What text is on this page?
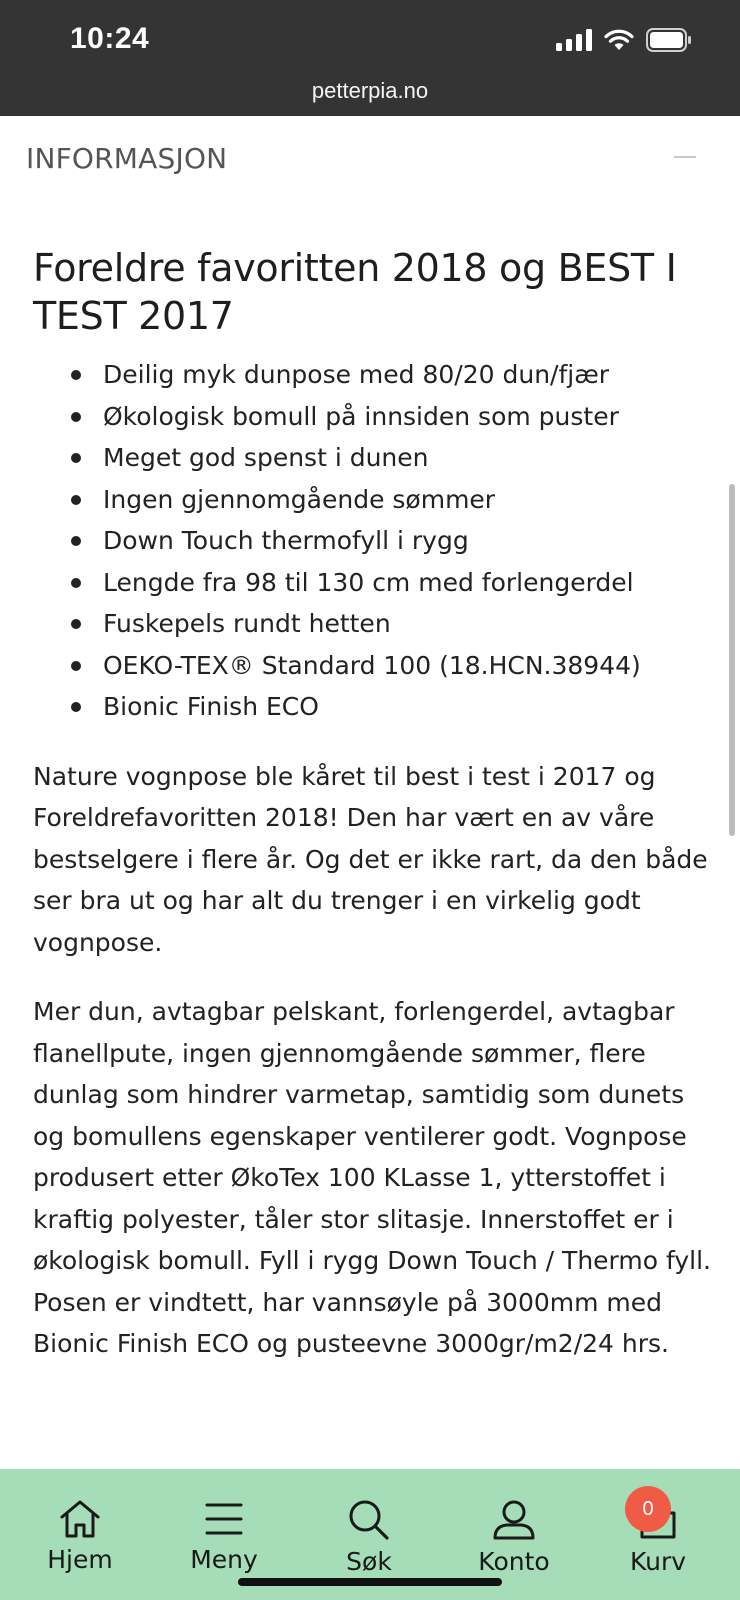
10:24
petterpia.no
INFORMASJON
Foreldre favoritten 2018 og BEST I TEST 2017
Deilig myk dunpose med 80/20 dun/fjær
Økologisk bomull på innsiden som puster
Meget god spenst i dunen
Ingen gjennomgående sømmer
Down Touch thermofyll i rygg
Lengde fra 98 til 130 cm med forlengerdel
Fuskepels rundt hetten
OEKO-TEX® Standard 100 (18.HCN.38944)
Bionic Finish ECO

Nature vognpose ble kåret til best i test i 2017 og Foreldrefavoritten 2018! Den har vært en av våre bestselgere i flere år. Og det er ikke rart, da den både ser bra ut og har alt du trenger i en virkelig godt vognpose.

Mer dun, avtagbar pelskant, forlengerdel, avtagbar flanellpute, ingen gjennomgående sømmer, flere dunlag som hindrer varmetap, samtidig som dunets og bomullens egenskaper ventilerer godt. Vognpose produsert etter ØkoTex 100 KLasse 1, ytterstoffet i kraftig polyester, tåler stor slitasje. Innerstoffet er i økologisk bomull. Fyll i rygg Down Touch / Thermo fyll. Posen er vindtett, har vannsøyle på 3000mm med Bionic Finish ECO og pusteevne 3000gr/m2/24 hrs.

Hjem	Meny	Søk	Konto	Kurv
0
